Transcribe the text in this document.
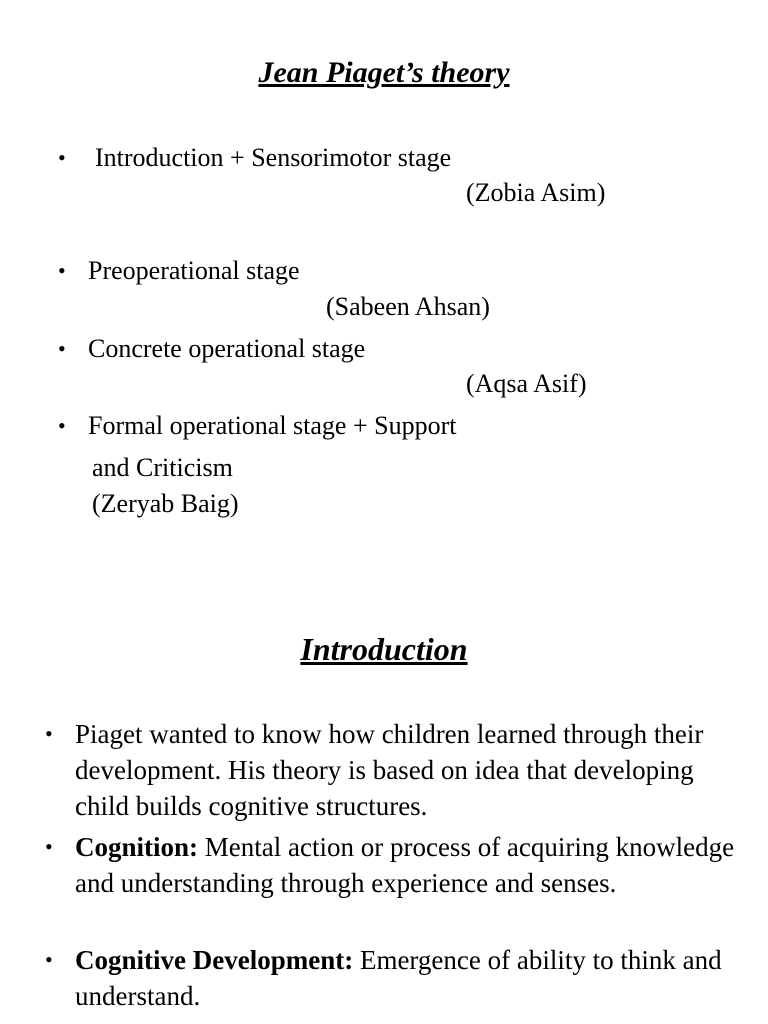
Jean Piaget’s theory
• Introduction + Sensorimotor stage

(Zobia Asim)

• Preoperational stage

(Sabeen Ahsan)

• Concrete operational stage

(Aqsa Asif)

• Formal operational stage + Support

and Criticism

(Zeryab Baig)

Introduction
• Piaget wanted to know how children learned through their development. His theory is based on idea that developing child builds cognitive structures.

• Cognition: Mental action or process of acquiring knowledge and understanding through experience and senses.

• Cognitive Development: Emergence of ability to think and understand.
